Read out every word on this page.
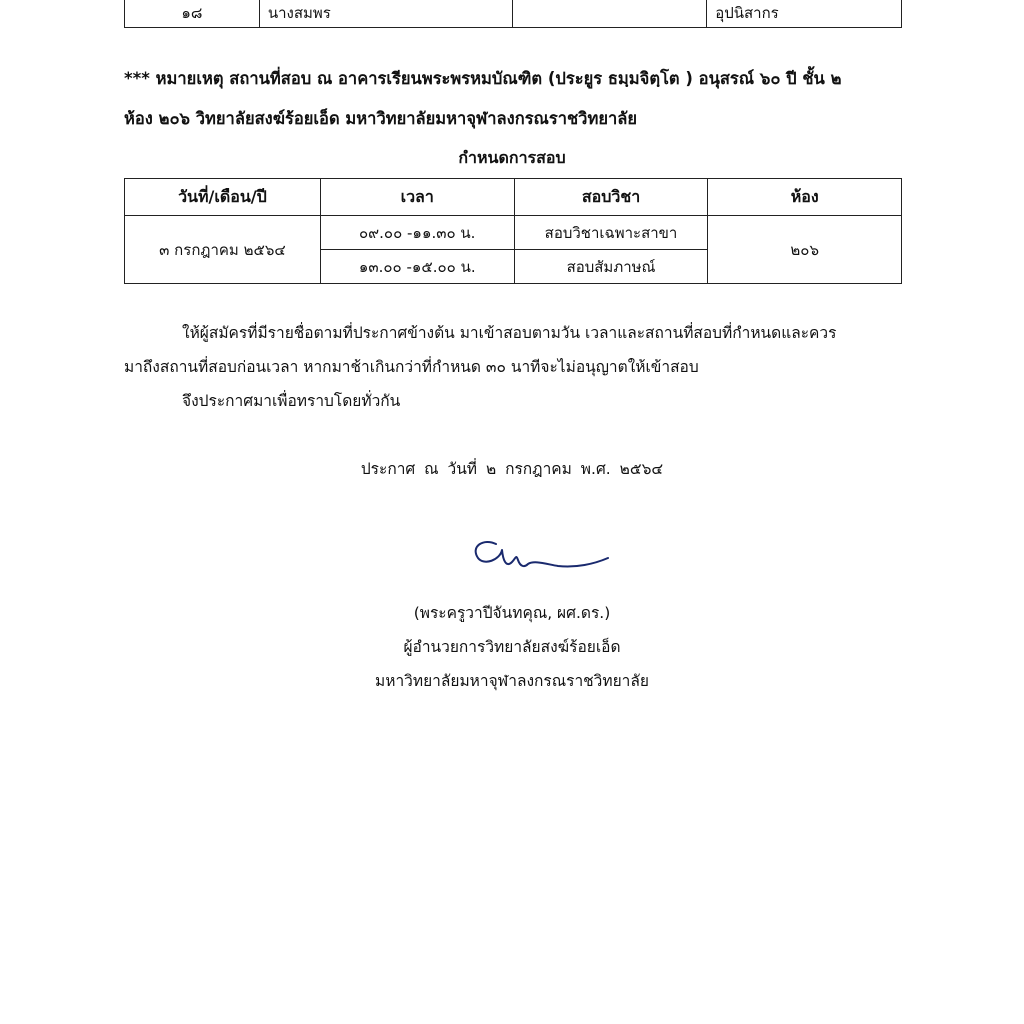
๑๘	นางสมพร		อุปนิสากร
*** หมายเหตุ สถานที่สอบ ณ อาคารเรียนพระพรหมบัณฑิต (ประยูร ธมฺมจิตฺโต ) อนุสรณ์ ๖๐ ปี ชั้น ๒
ห้อง ๒๐๖ วิทยาลัยสงฆ์ร้อยเอ็ด มหาวิทยาลัยมหาจุฬาลงกรณราชวิทยาลัย
กำหนดการสอบ
วันที่/เดือน/ปี	เวลา	สอบวิชา	ห้อง
๓ กรกฎาคม ๒๕๖๔	๐๙.๐๐ -๑๑.๓๐ น.	สอบวิชาเฉพาะสาขา	๒๐๖
	๑๓.๐๐ -๑๕.๐๐ น.	สอบสัมภาษณ์	
ให้ผู้สมัครที่มีรายชื่อตามที่ประกาศข้างต้น มาเข้าสอบตามวัน เวลาและสถานที่สอบที่กำหนดและควร
มาถึงสถานที่สอบก่อนเวลา หากมาช้าเกินกว่าที่กำหนด ๓๐ นาทีจะไม่อนุญาตให้เข้าสอบ
จึงประกาศมาเพื่อทราบโดยทั่วกัน
ประกาศ ณ วันที่ ๒ กรกฎาคม พ.ศ. ๒๕๖๔
(พระครูวาปีจันทคุณ, ผศ.ดร.)
ผู้อำนวยการวิทยาลัยสงฆ์ร้อยเอ็ด
มหาวิทยาลัยมหาจุฬาลงกรณราชวิทยาลัย
